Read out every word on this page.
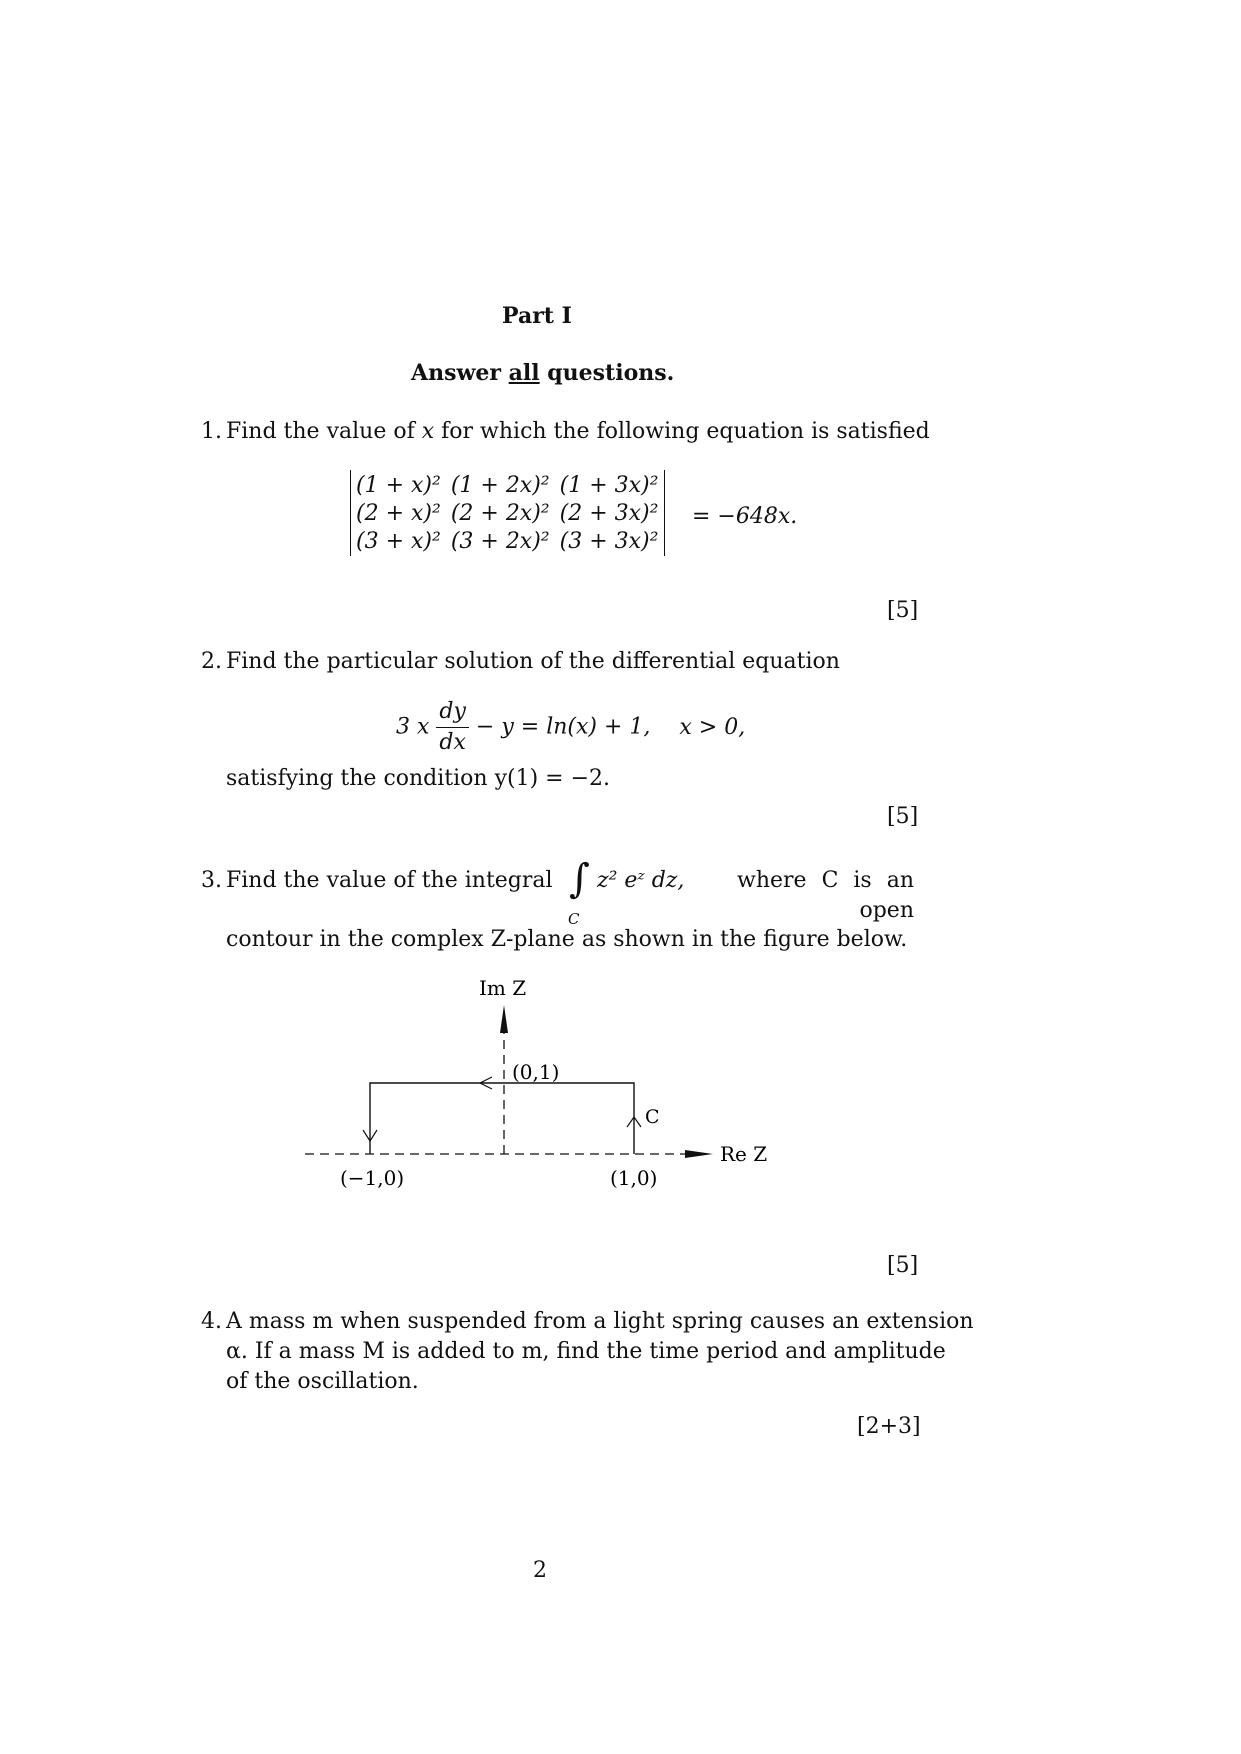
Part I
Answer all questions.
1. Find the value of x for which the following equation is satisfied
(1 + x)²	(1 + 2x)²	(1 + 3x)²
(2 + x)²	(2 + 2x)²	(2 + 3x)²
(3 + x)²	(3 + 2x)²	(3 + 3x)²
= −648x.
[5]
2. Find the particular solution of the differential equation
3 x $\frac{dy}{dx} - y = \ln(x) + 1$, x > 0,
satisfying the condition y(1) = −2.
[5]
3. Find the value of the integral ∫
C
z² eᶻ dz,	where C is an open
contour in the complex Z-plane as shown in the figure below.
Im Z
Re Z
(0,1)
C
(−1,0)	(1,0)
[5]
4. A mass m when suspended from a light spring causes an extension
α. If a mass M is added to m, find the time period and amplitude
of the oscillation.
[2+3]
2
